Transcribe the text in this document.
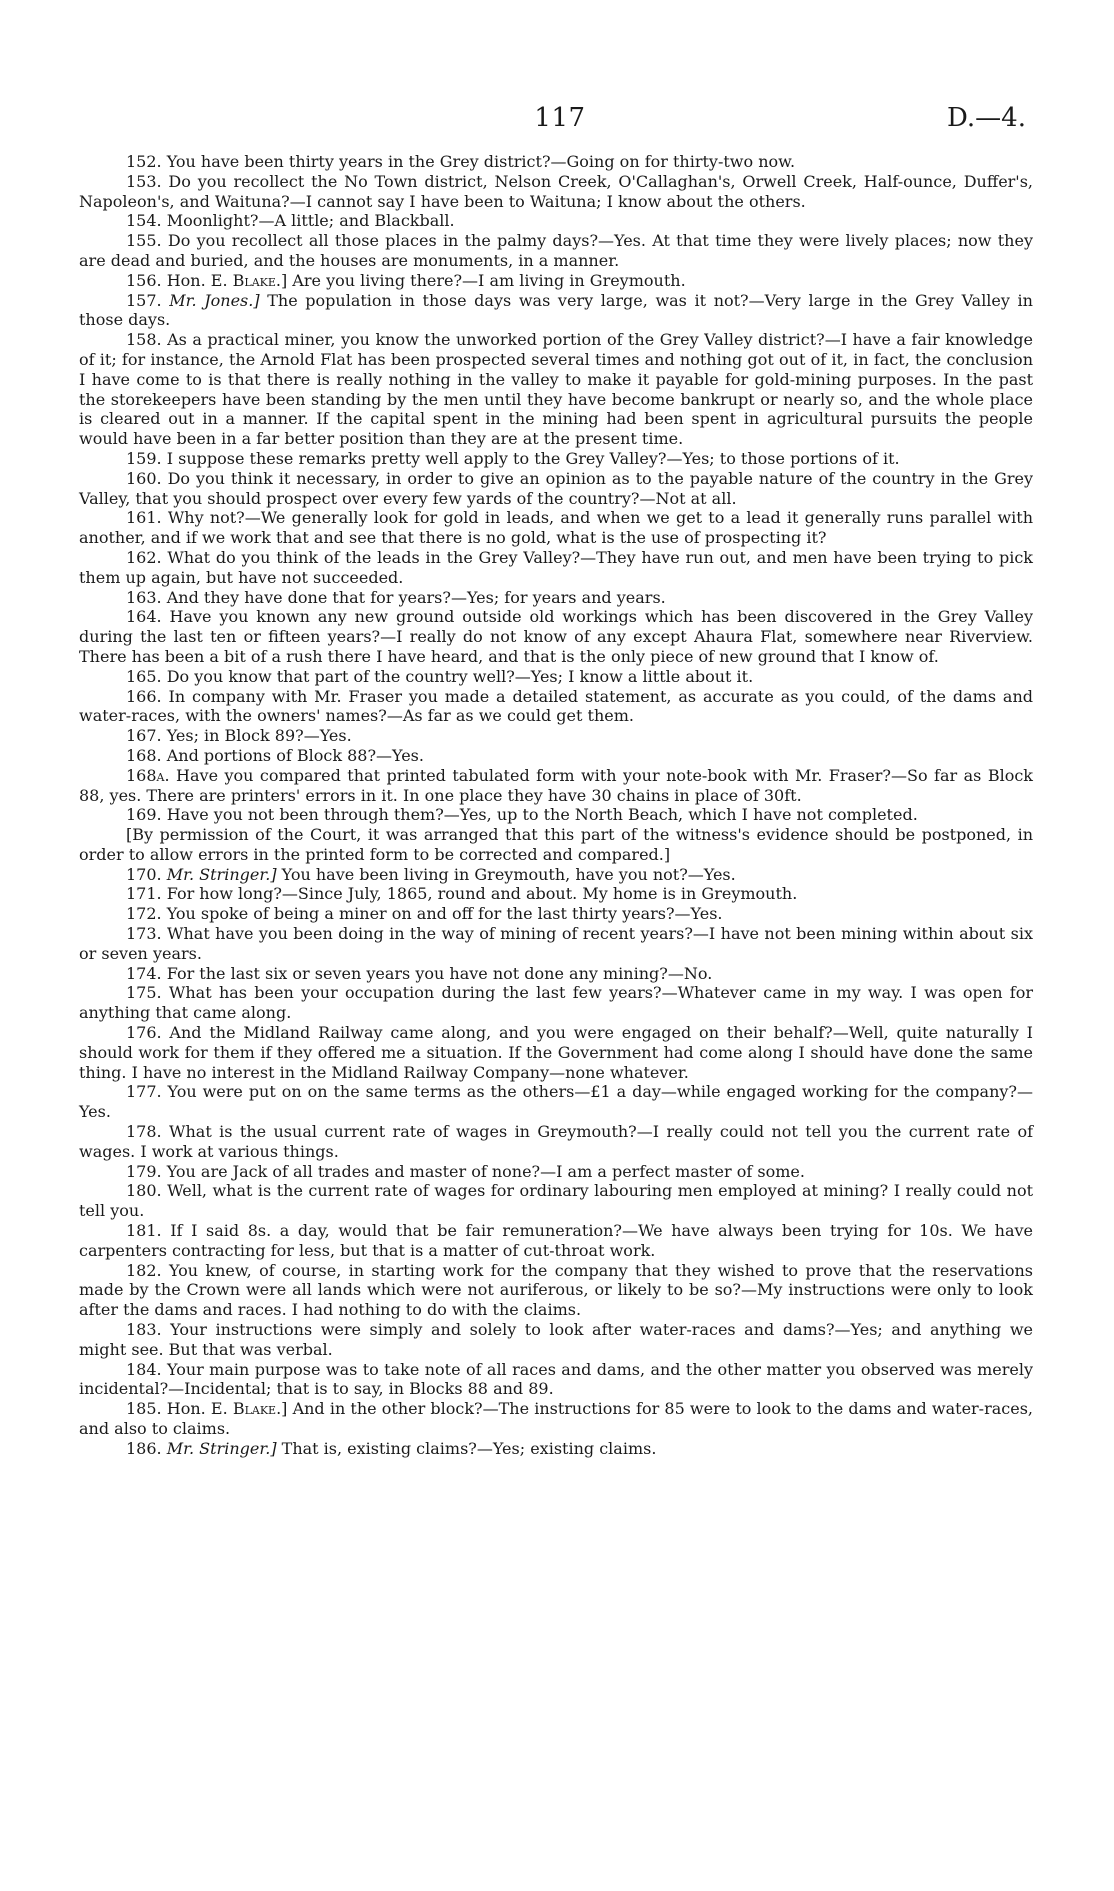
117	D.—4.

152. You have been thirty years in the Grey district?—Going on for thirty-two now.

153. Do you recollect the No Town district, Nelson Creek, O'Callaghan's, Orwell Creek, Half-ounce, Duffer's, Napoleon's, and Waituna?—I cannot say I have been to Waituna; I know about the others.

154. Moonlight?—A little; and Blackball.

155. Do you recollect all those places in the palmy days?—Yes. At that time they were lively places; now they are dead and buried, and the houses are monuments, in a manner.

156. Hon. E. Blake.] Are you living there?—I am living in Greymouth.

157. Mr. Jones.] The population in those days was very large, was it not?—Very large in the Grey Valley in those days.

158. As a practical miner, you know the unworked portion of the Grey Valley district?—I have a fair knowledge of it; for instance, the Arnold Flat has been prospected several times and nothing got out of it, in fact, the conclusion I have come to is that there is really nothing in the valley to make it payable for gold-mining purposes. In the past the storekeepers have been standing by the men until they have become bankrupt or nearly so, and the whole place is cleared out in a manner. If the capital spent in the mining had been spent in agricultural pursuits the people would have been in a far better position than they are at the present time.

159. I suppose these remarks pretty well apply to the Grey Valley?—Yes; to those portions of it.

160. Do you think it necessary, in order to give an opinion as to the payable nature of the country in the Grey Valley, that you should prospect over every few yards of the country?—Not at all.

161. Why not?—We generally look for gold in leads, and when we get to a lead it generally runs parallel with another, and if we work that and see that there is no gold, what is the use of prospecting it?

162. What do you think of the leads in the Grey Valley?—They have run out, and men have been trying to pick them up again, but have not succeeded.

163. And they have done that for years?—Yes; for years and years.

164. Have you known any new ground outside old workings which has been discovered in the Grey Valley during the last ten or fifteen years?—I really do not know of any except Ahaura Flat, somewhere near Riverview. There has been a bit of a rush there I have heard, and that is the only piece of new ground that I know of.

165. Do you know that part of the country well?—Yes; I know a little about it.

166. In company with Mr. Fraser you made a detailed statement, as accurate as you could, of the dams and water-races, with the owners' names?—As far as we could get them.

167. Yes; in Block 89?—Yes.

168. And portions of Block 88?—Yes.

168a. Have you compared that printed tabulated form with your note-book with Mr. Fraser?—So far as Block 88, yes. There are printers' errors in it. In one place they have 30 chains in place of 30ft.

169. Have you not been through them?—Yes, up to the North Beach, which I have not completed.

[By permission of the Court, it was arranged that this part of the witness's evidence should be postponed, in order to allow errors in the printed form to be corrected and compared.]

170. Mr. Stringer.] You have been living in Greymouth, have you not?—Yes.

171. For how long?—Since July, 1865, round and about. My home is in Greymouth.

172. You spoke of being a miner on and off for the last thirty years?—Yes.

173. What have you been doing in the way of mining of recent years?—I have not been mining within about six or seven years.

174. For the last six or seven years you have not done any mining?—No.

175. What has been your occupation during the last few years?—Whatever came in my way. I was open for anything that came along.

176. And the Midland Railway came along, and you were engaged on their behalf?—Well, quite naturally I should work for them if they offered me a situation. If the Government had come along I should have done the same thing. I have no interest in the Midland Railway Company—none whatever.

177. You were put on on the same terms as the others—£1 a day—while engaged working for the company?—Yes.

178. What is the usual current rate of wages in Greymouth?—I really could not tell you the current rate of wages. I work at various things.

179. You are Jack of all trades and master of none?—I am a perfect master of some.

180. Well, what is the current rate of wages for ordinary labouring men employed at mining? I really could not tell you.

181. If I said 8s. a day, would that be fair remuneration?—We have always been trying for 10s. We have carpenters contracting for less, but that is a matter of cut-throat work.

182. You knew, of course, in starting work for the company that they wished to prove that the reservations made by the Crown were all lands which were not auriferous, or likely to be so?—My instructions were only to look after the dams and races. I had nothing to do with the claims.

183. Your instructions were simply and solely to look after water-races and dams?—Yes; and anything we might see. But that was verbal.

184. Your main purpose was to take note of all races and dams, and the other matter you observed was merely incidental?—Incidental; that is to say, in Blocks 88 and 89.

185. Hon. E. Blake.] And in the other block?—The instructions for 85 were to look to the dams and water-races, and also to claims.

186. Mr. Stringer.] That is, existing claims?—Yes; existing claims.
